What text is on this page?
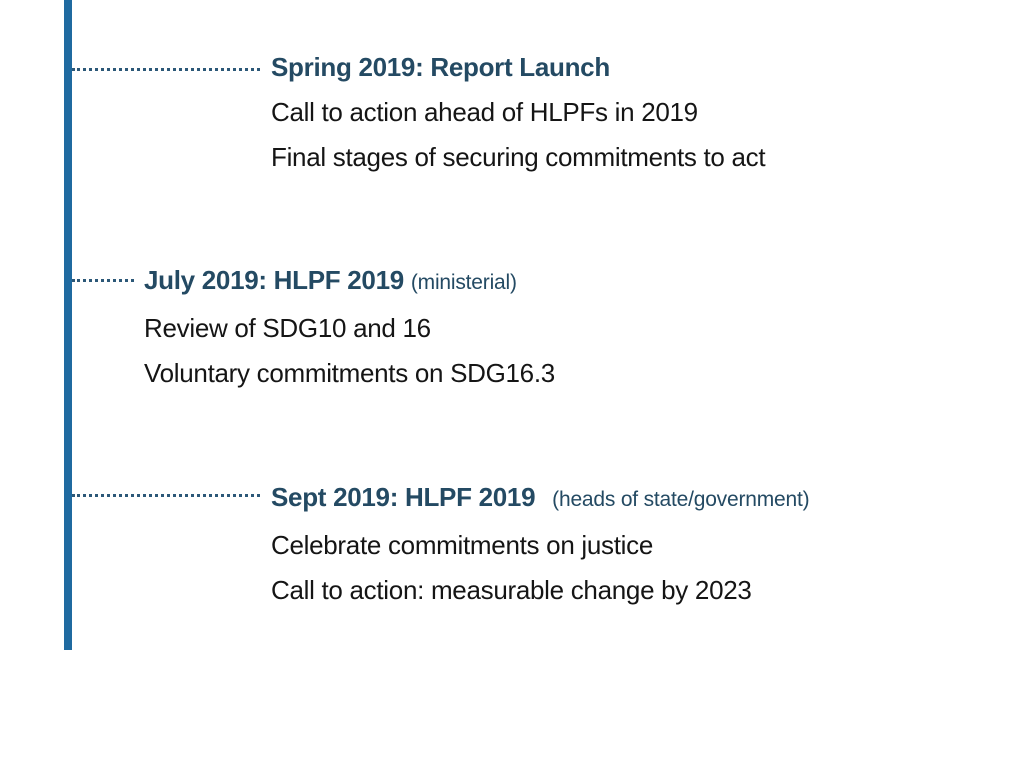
Spring 2019: Report Launch
Call to action ahead of HLPFs in 2019
Final stages of securing commitments to act
July 2019: HLPF 2019 (ministerial)
Review of SDG10 and 16
Voluntary commitments on SDG16.3
Sept 2019: HLPF 2019 (heads of state/government)
Celebrate commitments on justice
Call to action: measurable change by 2023
